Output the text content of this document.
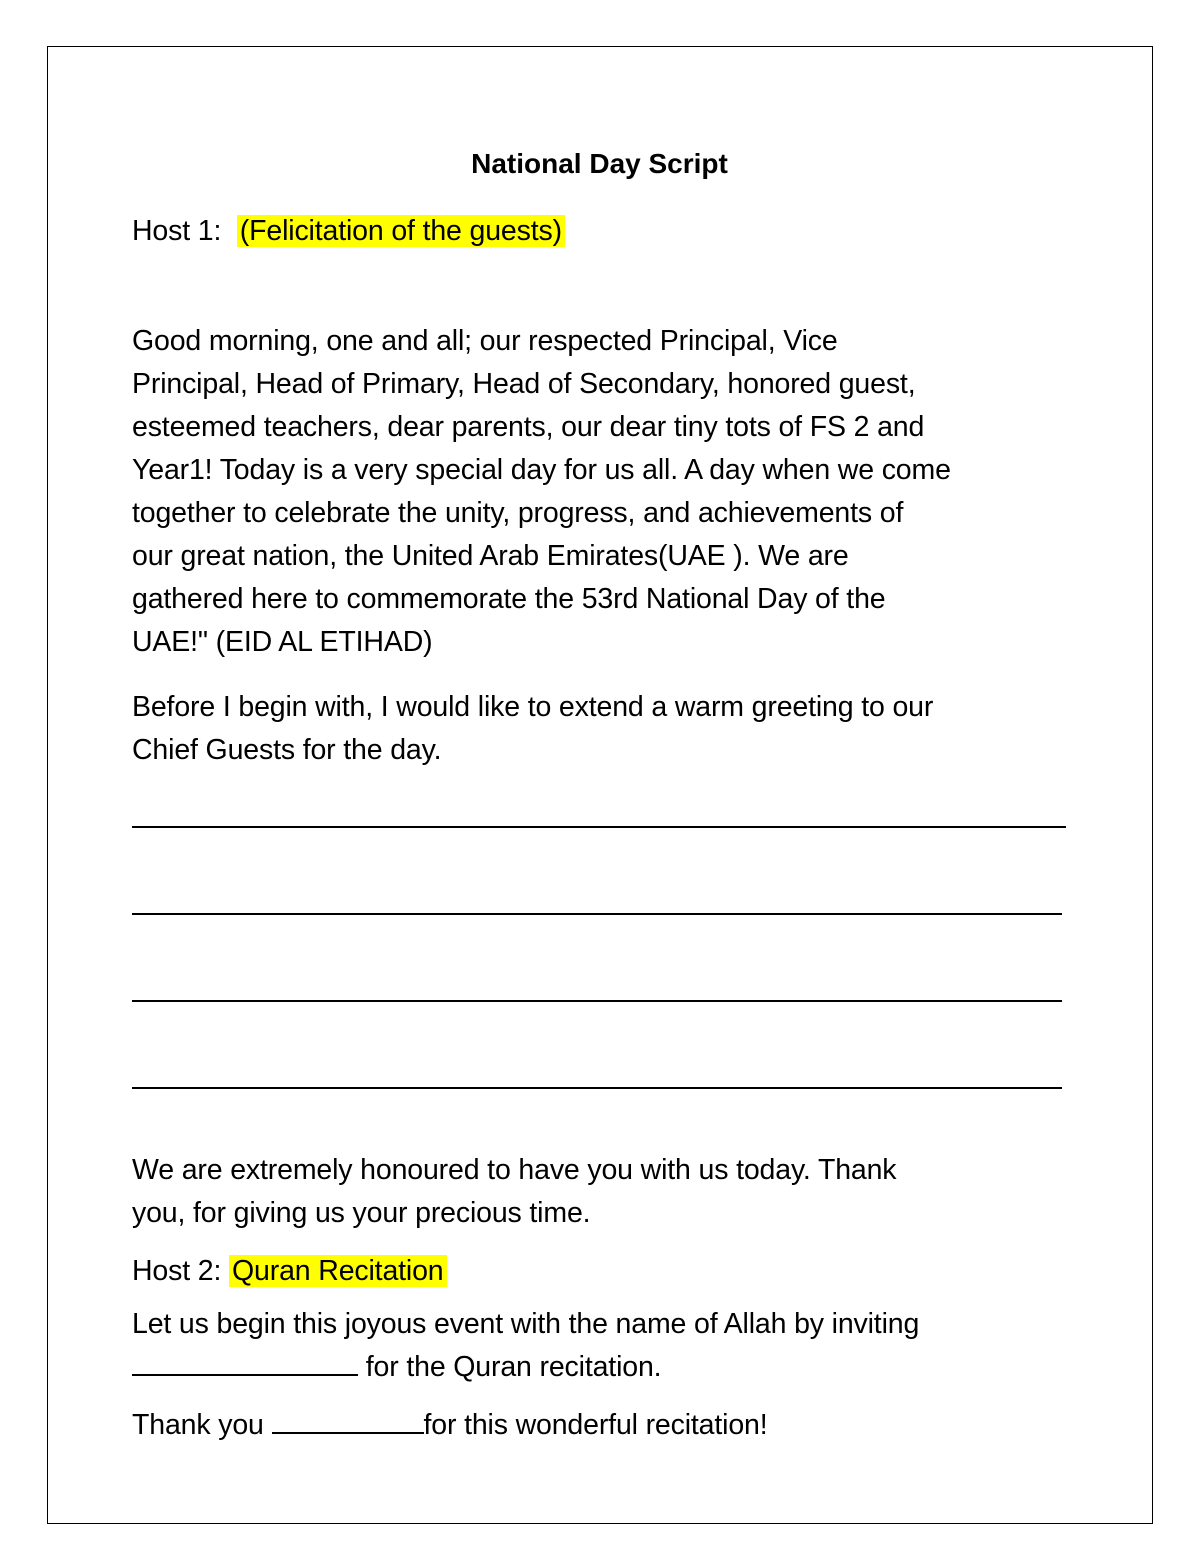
National Day Script
Host 1: (Felicitation of the guests)
Good morning, one and all; our respected Principal, Vice
Principal, Head of Primary, Head of Secondary, honored guest,
esteemed teachers, dear parents, our dear tiny tots of FS 2 and
Year1! Today is a very special day for us all. A day when we come
together to celebrate the unity, progress, and achievements of
our great nation, the United Arab Emirates(UAE ). We are
gathered here to commemorate the 53rd National Day of the
UAE!" (EID AL ETIHAD)
Before I begin with, I would like to extend a warm greeting to our
Chief Guests for the day.
We are extremely honoured to have you with us today. Thank
you, for giving us your precious time.
Host 2: Quran Recitation
Let us begin this joyous event with the name of Allah by inviting
for the Quran recitation.
Thank you	for this wonderful recitation!
